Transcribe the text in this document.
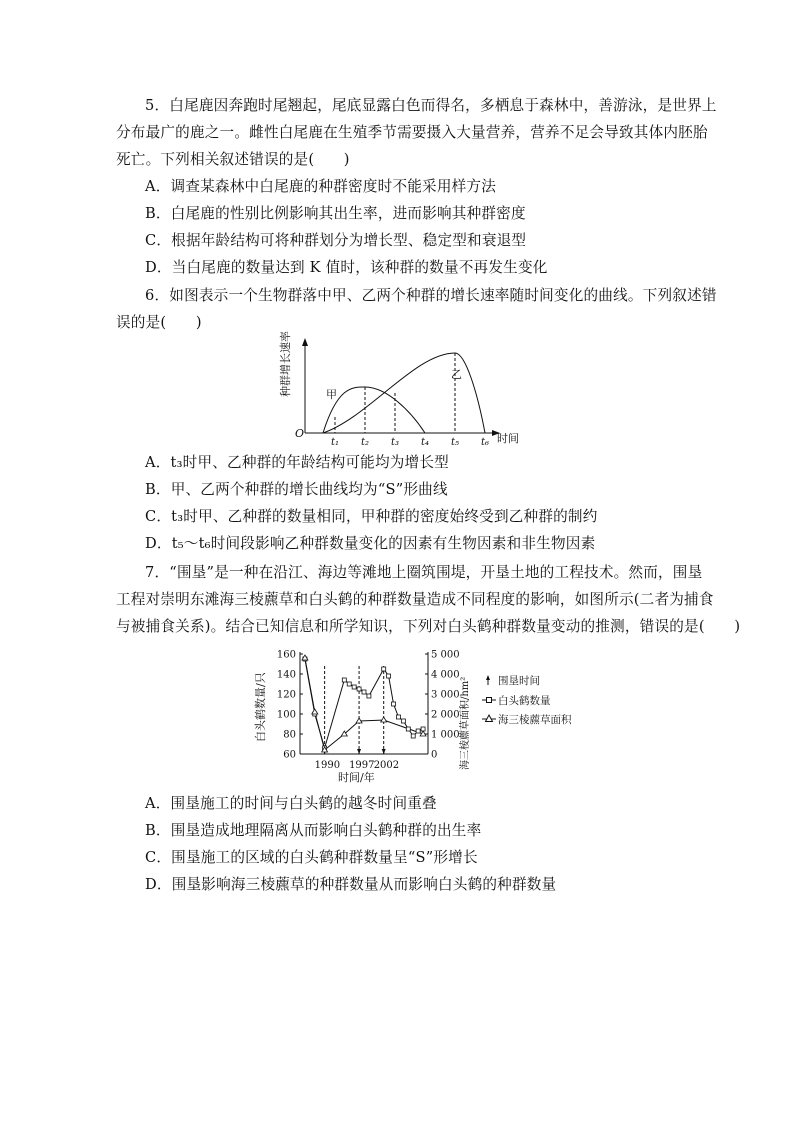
5．白尾鹿因奔跑时尾翘起，尾底显露白色而得名，多栖息于森林中，善游泳，是世界上
分布最广的鹿之一。雌性白尾鹿在生殖季节需要摄入大量营养，营养不足会导致其体内胚胎
死亡。下列相关叙述错误的是(　　)
A．调查某森林中白尾鹿的种群密度时不能采用样方法
B．白尾鹿的性别比例影响其出生率，进而影响其种群密度
C．根据年龄结构可将种群划分为增长型、稳定型和衰退型
D．当白尾鹿的数量达到 K 值时，该种群的数量不再发生变化
6．如图表示一个生物群落中甲、乙两个种群的增长速率随时间变化的曲线。下列叙述错
误的是(　　)
种群增长速率
O	时间
甲
乙
t₁ t₂ t₃ t₄ t₅ t₆
A．t₃时甲、乙种群的年龄结构可能均为增长型
B．甲、乙两个种群的增长曲线均为“S”形曲线
C．t₃时甲、乙种群的数量相同，甲种群的密度始终受到乙种群的制约
D．t₅～t₆时间段影响乙种群数量变化的因素有生物因素和非生物因素
7．“围垦”是一种在沿江、海边等滩地上圈筑围堤，开垦土地的工程技术。然而，围垦
工程对崇明东滩海三棱藨草和白头鹤的种群数量造成不同程度的影响，如图所示(二者为捕食
与被捕食关系)。结合已知信息和所学知识，下列对白头鹤种群数量变动的推测，错误的是(　　)
60
80
100
120
140
160
0
1 000
2 000
3 000
4 000
5 000
1990 1997 2002
白头鹤数量/只	海三棱藨草面积/hm²
时间/年
围垦时间
白头鹤数量
海三棱藨草面积
A．围垦施工的时间与白头鹤的越冬时间重叠
B．围垦造成地理隔离从而影响白头鹤种群的出生率
C．围垦施工的区域的白头鹤种群数量呈“S”形增长
D．围垦影响海三棱藨草的种群数量从而影响白头鹤的种群数量
